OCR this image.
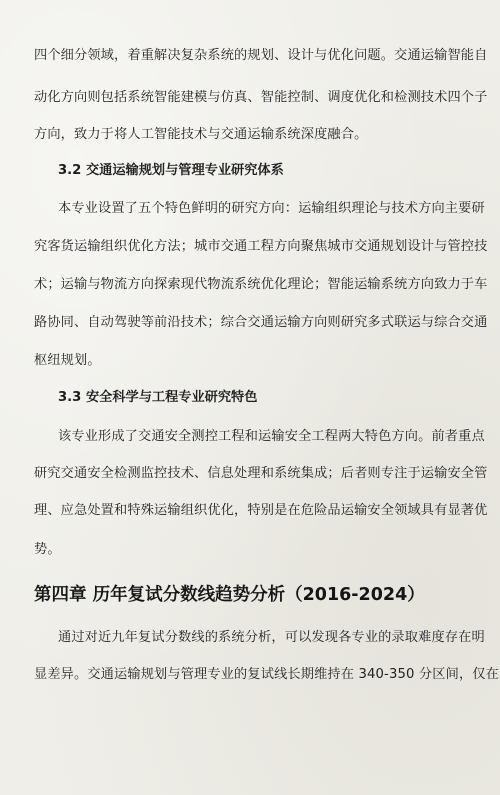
四个细分领域，着重解决复杂系统的规划、设计与优化问题。交通运输智能自
动化方向则包括系统智能建模与仿真、智能控制、调度优化和检测技术四个子
方向，致力于将人工智能技术与交通运输系统深度融合。
3.2 交通运输规划与管理专业研究体系
本专业设置了五个特色鲜明的研究方向：运输组织理论与技术方向主要研
究客货运输组织优化方法；城市交通工程方向聚焦城市交通规划设计与管控技
术；运输与物流方向探索现代物流系统优化理论；智能运输系统方向致力于车
路协同、自动驾驶等前沿技术；综合交通运输方向则研究多式联运与综合交通
枢纽规划。
3.3 安全科学与工程专业研究特色
该专业形成了交通安全测控工程和运输安全工程两大特色方向。前者重点
研究交通安全检测监控技术、信息处理和系统集成；后者则专注于运输安全管
理、应急处置和特殊运输组织优化，特别是在危险品运输安全领域具有显著优
势。
第四章 历年复试分数线趋势分析（2016-2024）
通过对近九年复试分数线的系统分析，可以发现各专业的录取难度存在明
显差异。交通运输规划与管理专业的复试线长期维持在 340-350 分区间，仅在
